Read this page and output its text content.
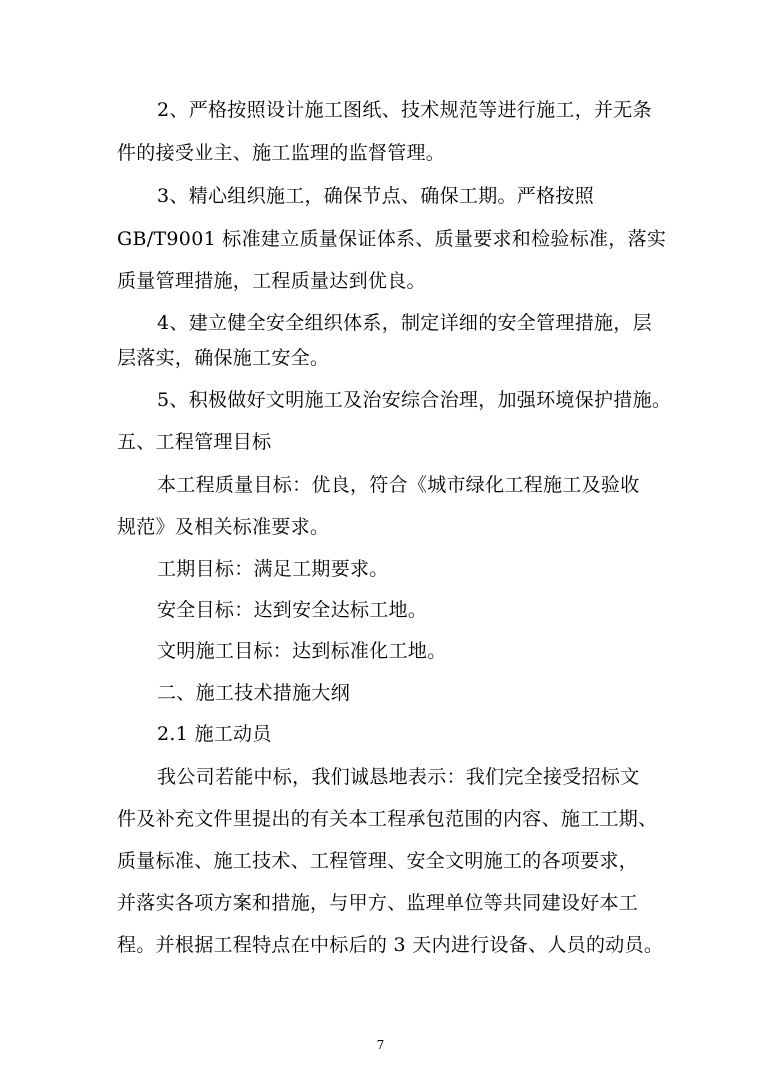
2、严格按照设计施工图纸、技术规范等进行施工，并无条
件的接受业主、施工监理的监督管理。
3、精心组织施工，确保节点、确保工期。严格按照
GB/T9001 标准建立质量保证体系、质量要求和检验标准，落实
质量管理措施，工程质量达到优良。
4、建立健全安全组织体系，制定详细的安全管理措施，层
层落实，确保施工安全。
5、积极做好文明施工及治安综合治理，加强环境保护措施。
五、工程管理目标
本工程质量目标：优良，符合《城市绿化工程施工及验收
规范》及相关标准要求。
工期目标：满足工期要求。
安全目标：达到安全达标工地。
文明施工目标：达到标准化工地。
二、施工技术措施大纲
2.1 施工动员
我公司若能中标，我们诚恳地表示：我们完全接受招标文
件及补充文件里提出的有关本工程承包范围的内容、施工工期、
质量标准、施工技术、工程管理、安全文明施工的各项要求，
并落实各项方案和措施，与甲方、监理单位等共同建设好本工
程。并根据工程特点在中标后的 3 天内进行设备、人员的动员。
7
